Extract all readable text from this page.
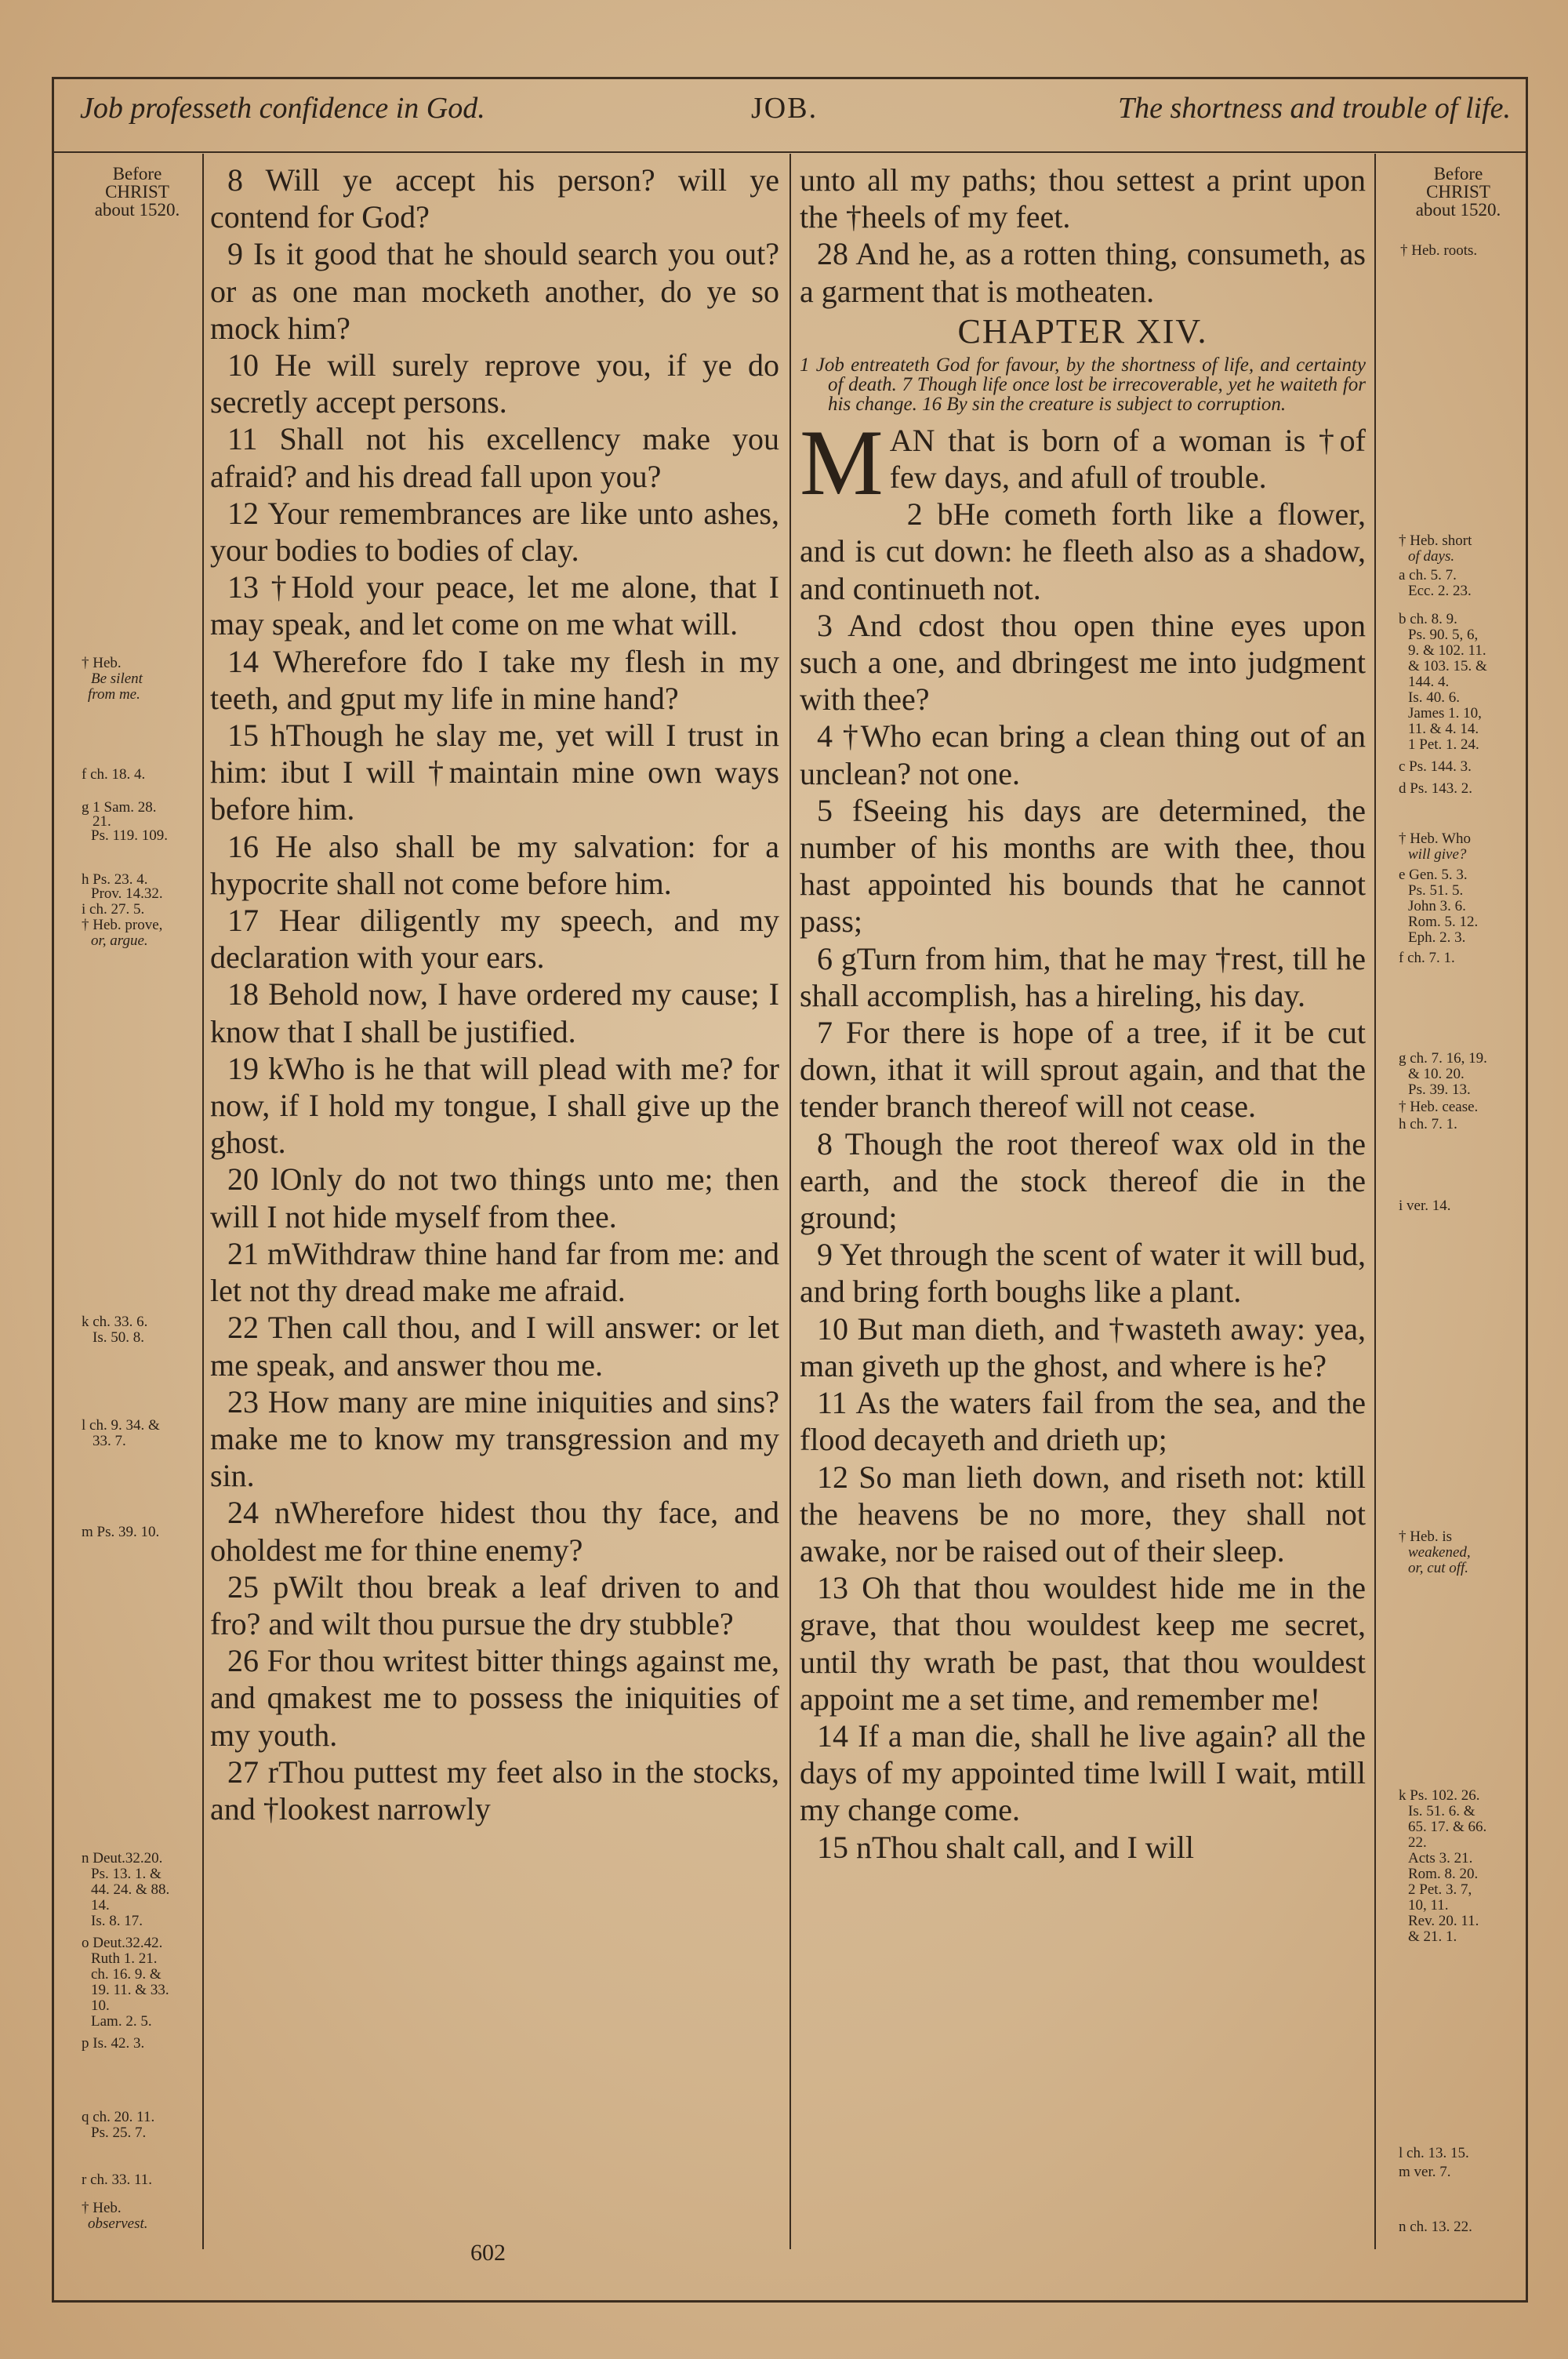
Job professeth confidence in God.	JOB.	The shortness and trouble of life.
Before
CHRIST
about 1520.
Before
CHRIST
about 1520.
† Heb.
Be silent
from me.
f ch. 18. 4.
g 1 Sam. 28.
21.
Ps. 119. 109.
h Ps. 23. 4.
Prov. 14.32.
i ch. 27. 5.
† Heb. prove,
or, argue.
k ch. 33. 6.
Is. 50. 8.
l ch. 9. 34. &
33. 7.
m Ps. 39. 10.
n Deut.32.20.
Ps. 13. 1. &
44. 24. & 88.
14.
Is. 8. 17.
o Deut.32.42.
Ruth 1. 21.
ch. 16. 9. &
19. 11. & 33.
10.
Lam. 2. 5.
p Is. 42. 3.
q ch. 20. 11.
Ps. 25. 7.
r ch. 33. 11.
† Heb.
observest.
† Heb. roots.
† Heb. short
of days.
a ch. 5. 7.
Ecc. 2. 23.
b ch. 8. 9.
Ps. 90. 5, 6,
9. & 102. 11.
& 103. 15. &
144. 4.
Is. 40. 6.
James 1. 10,
11. & 4. 14.
1 Pet. 1. 24.
c Ps. 144. 3.
d Ps. 143. 2.
† Heb. Who
will give?
e Gen. 5. 3.
Ps. 51. 5.
John 3. 6.
Rom. 5. 12.
Eph. 2. 3.
f ch. 7. 1.
g ch. 7. 16, 19.
& 10. 20.
Ps. 39. 13.
† Heb. cease.
h ch. 7. 1.
i ver. 14.
† Heb. is
weakened,
or, cut off.
k Ps. 102. 26.
Is. 51. 6. &
65. 17. & 66.
22.
Acts 3. 21.
Rom. 8. 20.
2 Pet. 3. 7,
10, 11.
Rev. 20. 11.
& 21. 1.
l ch. 13. 15.
m ver. 7.
n ch. 13. 22.

8 Will ye accept his person? will ye contend for God?

9 Is it good that he should search you out? or as one man mocketh another, do ye so mock him?

10 He will surely reprove you, if ye do secretly accept persons.

11 Shall not his excellency make you afraid? and his dread fall upon you?

12 Your remembrances are like unto ashes, your bodies to bodies of clay.

13 †Hold your peace, let me alone, that I may speak, and let come on me what will.

14 Wherefore fdo I take my flesh in my teeth, and gput my life in mine hand?

15 hThough he slay me, yet will I trust in him: ibut I will †maintain mine own ways before him.

16 He also shall be my salvation: for a hypocrite shall not come before him.

17 Hear diligently my speech, and my declaration with your ears.

18 Behold now, I have ordered my cause; I know that I shall be justified.

19 kWho is he that will plead with me? for now, if I hold my tongue, I shall give up the ghost.

20 lOnly do not two things unto me; then will I not hide myself from thee.

21 mWithdraw thine hand far from me: and let not thy dread make me afraid.

22 Then call thou, and I will answer: or let me speak, and answer thou me.

23 How many are mine iniquities and sins? make me to know my transgression and my sin.

24 nWherefore hidest thou thy face, and oholdest me for thine enemy?

25 pWilt thou break a leaf driven to and fro? and wilt thou pursue the dry stubble?

26 For thou writest bitter things against me, and qmakest me to possess the iniquities of my youth.

27 rThou puttest my feet also in the stocks, and †lookest narrowly

unto all my paths; thou settest a print upon the †heels of my feet.

28 And he, as a rotten thing, consumeth, as a garment that is motheaten.

CHAPTER XIV.

1 Job entreateth God for favour, by the shortness of life, and certainty of death. 7 Though life once lost be irrecoverable, yet he waiteth for his change. 16 By sin the creature is subject to corruption.

MAN that is born of a woman is †of few days, and afull of trouble.

2 bHe cometh forth like a flower, and is cut down: he fleeth also as a shadow, and continueth not.

3 And cdost thou open thine eyes upon such a one, and dbringest me into judgment with thee?

4 †Who ecan bring a clean thing out of an unclean? not one.

5 fSeeing his days are determined, the number of his months are with thee, thou hast appointed his bounds that he cannot pass;

6 gTurn from him, that he may †rest, till he shall accomplish, has a hireling, his day.

7 For there is hope of a tree, if it be cut down, ithat it will sprout again, and that the tender branch thereof will not cease.

8 Though the root thereof wax old in the earth, and the stock thereof die in the ground;

9 Yet through the scent of water it will bud, and bring forth boughs like a plant.

10 But man dieth, and †wasteth away: yea, man giveth up the ghost, and where is he?

11 As the waters fail from the sea, and the flood decayeth and drieth up;

12 So man lieth down, and riseth not: ktill the heavens be no more, they shall not awake, nor be raised out of their sleep.

13 Oh that thou wouldest hide me in the grave, that thou wouldest keep me secret, until thy wrath be past, that thou wouldest appoint me a set time, and remember me!

14 If a man die, shall he live again? all the days of my appointed time lwill I wait, mtill my change come.

15 nThou shalt call, and I will

602
